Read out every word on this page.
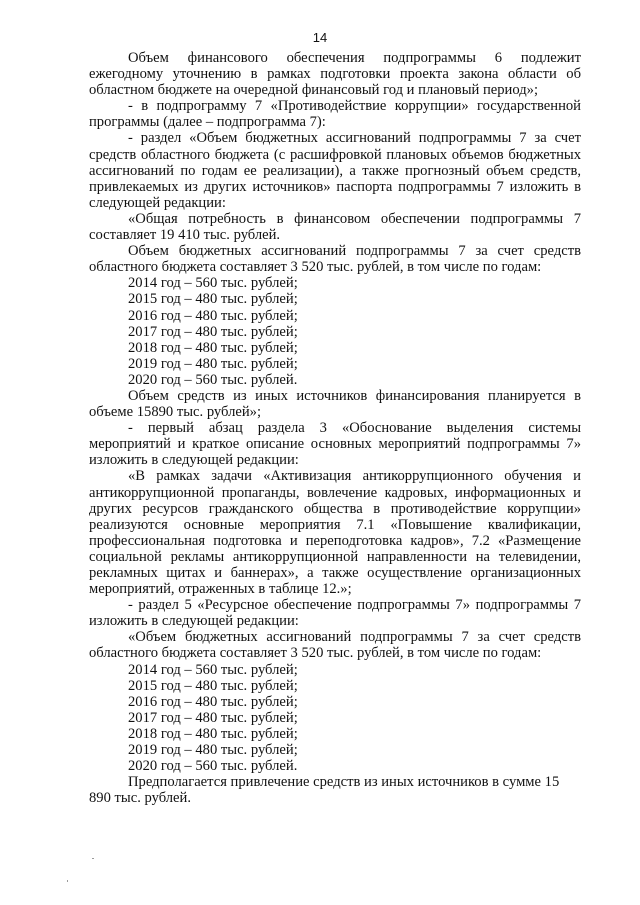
14

Объем финансового обеспечения подпрограммы 6 подлежит ежегодному уточнению в рамках подготовки проекта закона области об областном бюджете на очередной финансовый год и плановый период»;

- в подпрограмму 7 «Противодействие коррупции» государственной программы (далее – подпрограмма 7):

- раздел «Объем бюджетных ассигнований подпрограммы 7 за счет средств областного бюджета (с расшифровкой плановых объемов бюджетных ассигнований по годам ее реализации), а также прогнозный объем средств, привлекаемых из других источников» паспорта подпрограммы 7 изложить в следующей редакции:

«Общая потребность в финансовом обеспечении подпрограммы 7 составляет 19 410 тыс. рублей.

Объем бюджетных ассигнований подпрограммы 7 за счет средств областного бюджета составляет 3 520 тыс. рублей, в том числе по годам:

2014 год – 560 тыс. рублей;

2015 год – 480 тыс. рублей;

2016 год – 480 тыс. рублей;

2017 год – 480 тыс. рублей;

2018 год – 480 тыс. рублей;

2019 год – 480 тыс. рублей;

2020 год – 560 тыс. рублей.

Объем средств из иных источников финансирования планируется в объеме 15890 тыс. рублей»;

- первый абзац раздела 3 «Обоснование выделения системы мероприятий и краткое описание основных мероприятий подпрограммы 7» изложить в следующей редакции:

«В рамках задачи «Активизация антикоррупционного обучения и антикоррупционной пропаганды, вовлечение кадровых, информационных и других ресурсов гражданского общества в противодействие коррупции» реализуются основные мероприятия 7.1 «Повышение квалификации, профессиональная подготовка и переподготовка кадров», 7.2 «Размещение социальной рекламы антикоррупционной направленности на телевидении, рекламных щитах и баннерах», а также осуществление организационных мероприятий, отраженных в таблице 12.»;

- раздел 5 «Ресурсное обеспечение подпрограммы 7» подпрограммы 7 изложить в следующей редакции:

«Объем бюджетных ассигнований подпрограммы 7 за счет средств областного бюджета составляет 3 520 тыс. рублей, в том числе по годам:

2014 год – 560 тыс. рублей;

2015 год – 480 тыс. рублей;

2016 год – 480 тыс. рублей;

2017 год – 480 тыс. рублей;

2018 год – 480 тыс. рублей;

2019 год – 480 тыс. рублей;

2020 год – 560 тыс. рублей.

Предполагается привлечение средств из иных источников в сумме 15 890 тыс. рублей.
